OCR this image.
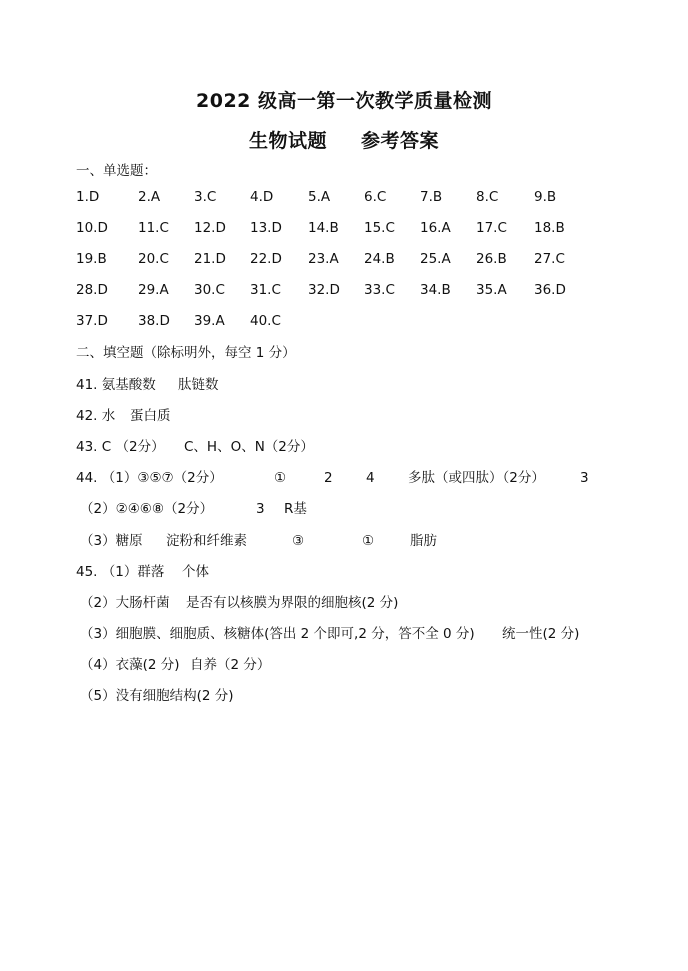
2022 级高一第一次教学质量检测
生物试题 参考答案
一、单选题：
1.D	2.A	3.C 4.D	5.A	6.C 7.B	8.C	9.B
10.D 11.C 12.D 13.D 14.B 15.C 16.A 17.C 18.B
19.B 20.C 21.D 22.D 23.A 24.B 25.A 26.B 27.C
28.D 29.A 30.C 31.C 32.D 33.C 34.B 35.A 36.D
37.D 38.D 39.A 40.C
二、填空题（除标明外，每空 1 分）
41. 氨基酸数 肽链数
42. 水 蛋白质
43. C （2分） C、H、O、N（2分）
44. （1）③⑤⑦（2分）	①	2 4 多肽（或四肽）（2分）	3
（2）②④⑥⑧（2分）	3 R基
（3）糖原 淀粉和纤维素	③	①	脂肪
45. （1）群落 个体
（2）大肠杆菌 是否有以核膜为界限的细胞核(2 分)
（3）细胞膜、细胞质、核糖体(答出 2 个即可,2 分，答不全 0 分) 统一性(2 分)
（4）衣藻(2 分) 自养（2 分）
（5）没有细胞结构(2 分)
